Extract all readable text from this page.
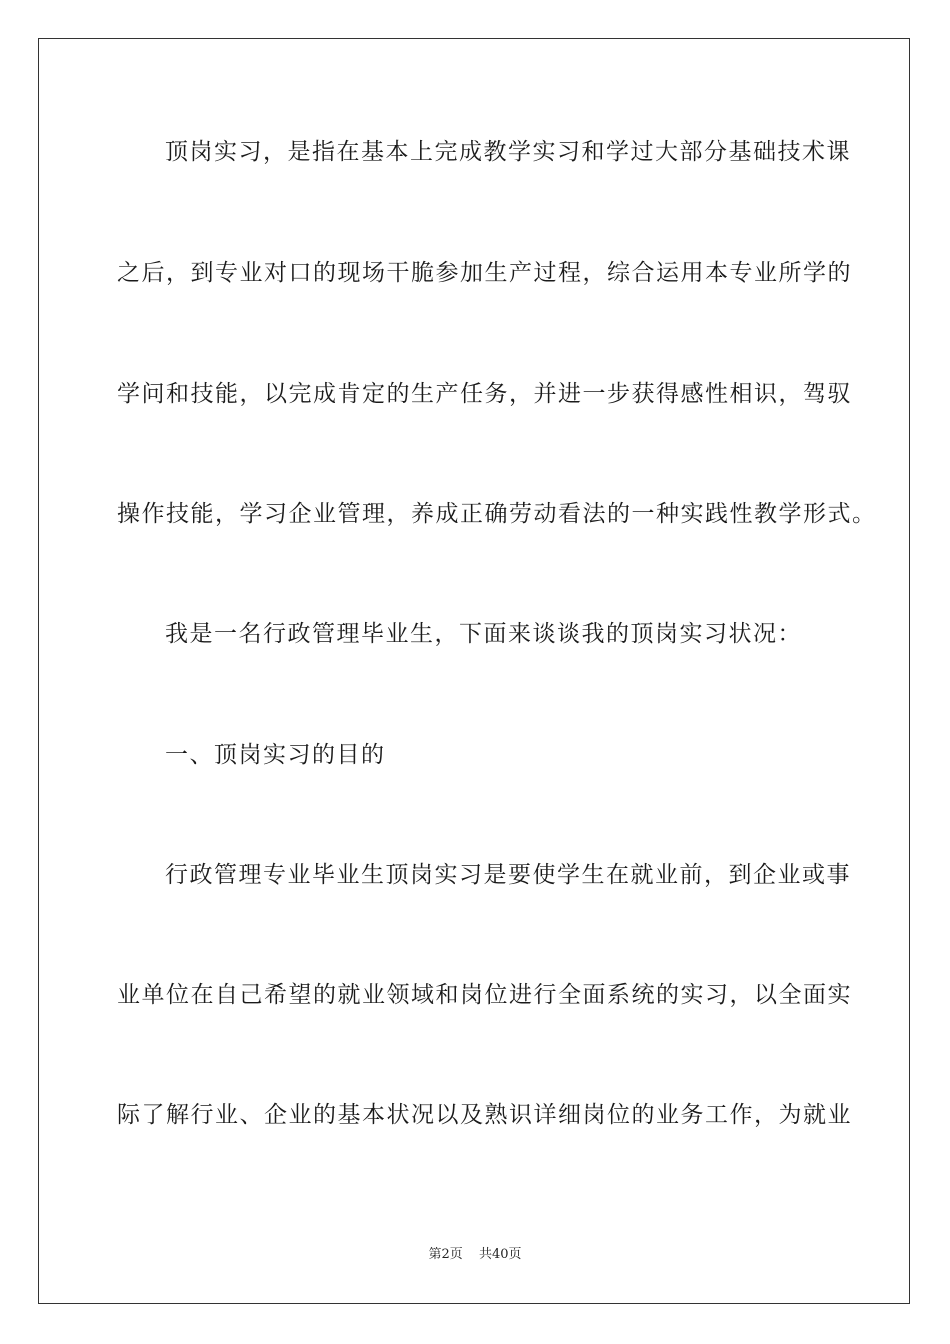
顶岗实习，是指在基本上完成教学实习和学过大部分基础技术课
之后，到专业对口的现场干脆参加生产过程，综合运用本专业所学的
学问和技能，以完成肯定的生产任务，并进一步获得感性相识，驾驭
操作技能，学习企业管理，养成正确劳动看法的一种实践性教学形式。
我是一名行政管理毕业生，下面来谈谈我的顶岗实习状况：
一、顶岗实习的目的
行政管理专业毕业生顶岗实习是要使学生在就业前，到企业或事
业单位在自己希望的就业领域和岗位进行全面系统的实习，以全面实
际了解行业、企业的基本状况以及熟识详细岗位的业务工作，为就业
第2页 共40页
